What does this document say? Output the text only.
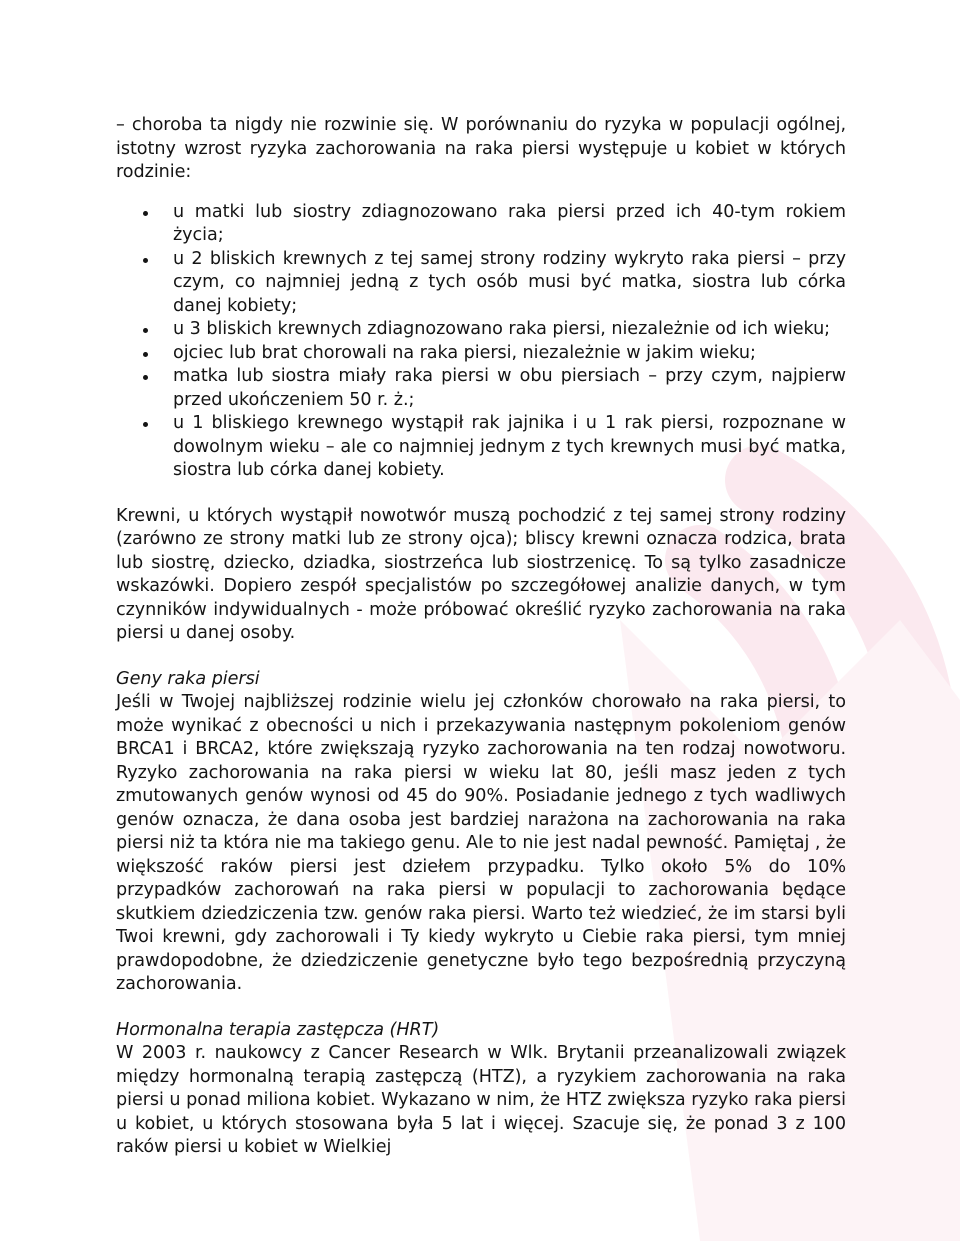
– choroba ta nigdy nie rozwinie się. W porównaniu do ryzyka w populacji ogólnej, istotny wzrost ryzyka zachorowania na raka piersi występuje u kobiet w których rodzinie:

u matki lub siostry zdiagnozowano raka piersi przed ich 40-tym rokiem życia;
u 2 bliskich krewnych z tej samej strony rodziny wykryto raka piersi – przy czym, co najmniej jedną z tych osób musi być matka, siostra lub córka danej kobiety;
u 3 bliskich krewnych zdiagnozowano raka piersi, niezależnie od ich wieku;
ojciec lub brat chorowali na raka piersi, niezależnie w jakim wieku;
matka lub siostra miały raka piersi w obu piersiach – przy czym, najpierw przed ukończeniem 50 r. ż.;
u 1 bliskiego krewnego wystąpił rak jajnika i u 1 rak piersi, rozpoznane w dowolnym wieku – ale co najmniej jednym z tych krewnych musi być matka, siostra lub córka danej kobiety.

Krewni, u których wystąpił nowotwór muszą pochodzić z tej samej strony rodziny (zarówno ze strony matki lub ze strony ojca); bliscy krewni oznacza rodzica, brata lub siostrę, dziecko, dziadka, siostrzeńca lub siostrzenicę. To są tylko zasadnicze wskazówki. Dopiero zespół specjalistów po szczegółowej analizie danych, w tym czynników indywidualnych - może próbować określić ryzyko zachorowania na raka piersi u danej osoby.

Geny raka piersi

Jeśli w Twojej najbliższej rodzinie wielu jej członków chorowało na raka piersi, to może wynikać z obecności u nich i przekazywania następnym pokoleniom genów BRCA1 i BRCA2, które zwiększają ryzyko zachorowania na ten rodzaj nowotworu. Ryzyko zachorowania na raka piersi w wieku lat 80, jeśli masz jeden z tych zmutowanych genów wynosi od 45 do 90%. Posiadanie jednego z tych wadliwych genów oznacza, że dana osoba jest bardziej narażona na zachorowania na raka piersi niż ta która nie ma takiego genu. Ale to nie jest nadal pewność. Pamiętaj , że większość raków piersi jest dziełem przypadku. Tylko około 5% do 10% przypadków zachorowań na raka piersi w populacji to zachorowania będące skutkiem dziedziczenia tzw. genów raka piersi. Warto też wiedzieć, że im starsi byli Twoi krewni, gdy zachorowali i Ty kiedy wykryto u Ciebie raka piersi, tym mniej prawdopodobne, że dziedziczenie genetyczne było tego bezpośrednią przyczyną zachorowania.

Hormonalna terapia zastępcza (HRT)

W 2003 r. naukowcy z Cancer Research w Wlk. Brytanii przeanalizowali związek między hormonalną terapią zastępczą (HTZ), a ryzykiem zachorowania na raka piersi u ponad miliona kobiet. Wykazano w nim, że HTZ zwiększa ryzyko raka piersi u kobiet, u których stosowana była 5 lat i więcej. Szacuje się, że ponad 3 z 100 raków piersi u kobiet w Wielkiej
